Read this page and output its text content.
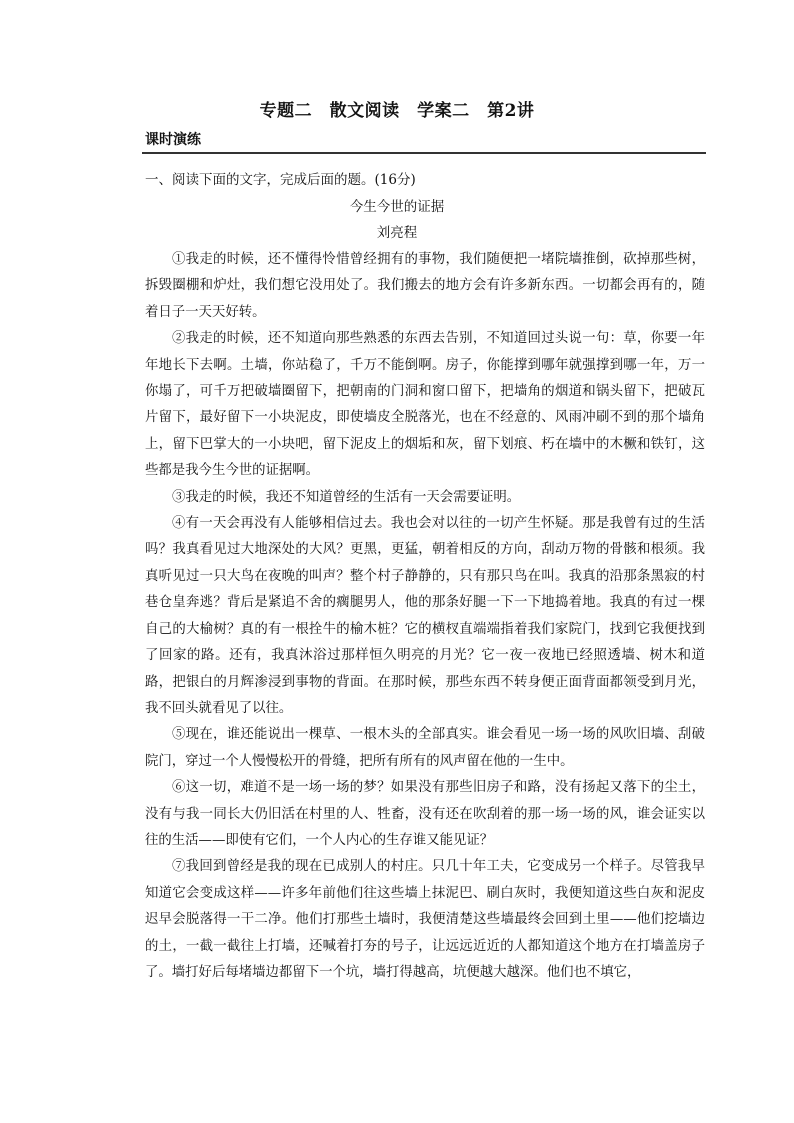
专题二　散文阅读　学案二　第2讲
课时演练
一、阅读下面的文字，完成后面的题。(16分)
今生今世的证据
刘亮程

①我走的时候，还不懂得怜惜曾经拥有的事物，我们随便把一堵院墙推倒，砍掉那些树，拆毁圈棚和炉灶，我们想它没用处了。我们搬去的地方会有许多新东西。一切都会再有的，随着日子一天天好转。

②我走的时候，还不知道向那些熟悉的东西去告别，不知道回过头说一句：草，你要一年年地长下去啊。土墙，你站稳了，千万不能倒啊。房子，你能撑到哪年就强撑到哪一年，万一你塌了，可千万把破墙圈留下，把朝南的门洞和窗口留下，把墙角的烟道和锅头留下，把破瓦片留下，最好留下一小块泥皮，即使墙皮全脱落光，也在不经意的、风雨冲刷不到的那个墙角上，留下巴掌大的一小块吧，留下泥皮上的烟垢和灰，留下划痕、朽在墙中的木橛和铁钉，这些都是我今生今世的证据啊。

③我走的时候，我还不知道曾经的生活有一天会需要证明。

④有一天会再没有人能够相信过去。我也会对以往的一切产生怀疑。那是我曾有过的生活吗？我真看见过大地深处的大风？更黑，更猛，朝着相反的方向，刮动万物的骨骸和根须。我真听见过一只大鸟在夜晚的叫声？整个村子静静的，只有那只鸟在叫。我真的沿那条黑寂的村巷仓皇奔逃？背后是紧追不舍的瘸腿男人，他的那条好腿一下一下地捣着地。我真的有过一棵自己的大榆树？真的有一根拴牛的榆木桩？它的横杈直端端指着我们家院门，找到它我便找到了回家的路。还有，我真沐浴过那样恒久明亮的月光？它一夜一夜地已经照透墙、树木和道路，把银白的月辉渗浸到事物的背面。在那时候，那些东西不转身便正面背面都领受到月光，我不回头就看见了以往。

⑤现在，谁还能说出一棵草、一根木头的全部真实。谁会看见一场一场的风吹旧墙、刮破院门，穿过一个人慢慢松开的骨缝，把所有所有的风声留在他的一生中。

⑥这一切，难道不是一场一场的梦？如果没有那些旧房子和路，没有扬起又落下的尘土，没有与我一同长大仍旧活在村里的人、牲畜，没有还在吹刮着的那一场一场的风，谁会证实以往的生活——即使有它们，一个人内心的生存谁又能见证？

⑦我回到曾经是我的现在已成别人的村庄。只几十年工夫，它变成另一个样子。尽管我早知道它会变成这样——许多年前他们往这些墙上抹泥巴、刷白灰时，我便知道这些白灰和泥皮迟早会脱落得一干二净。他们打那些土墙时，我便清楚这些墙最终会回到土里——他们挖墙边的土，一截一截往上打墙，还喊着打夯的号子，让远远近近的人都知道这个地方在打墙盖房子了。墙打好后每堵墙边都留下一个坑，墙打得越高，坑便越大越深。他们也不填它，
